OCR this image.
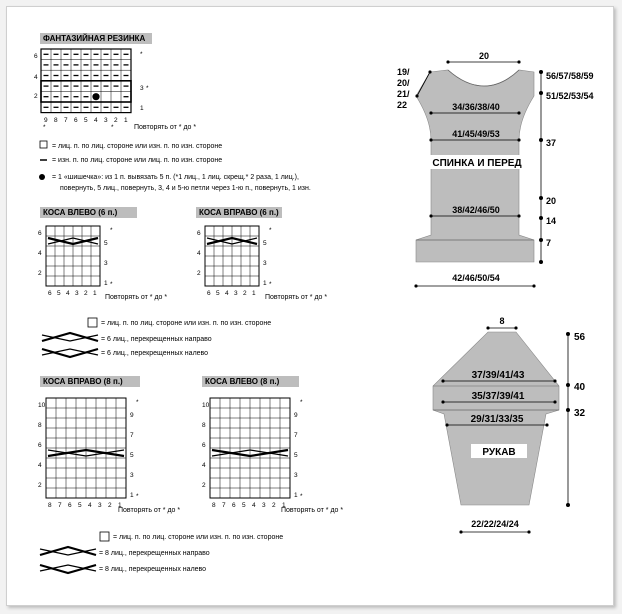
ФАНТАЗИЙНАЯ РЕЗИНКА
6
4
2
3
1
*
*
9 8 7 6 5 4 3 2 1
*	*	Повторять от * до *
= лиц. п. по лиц. стороне или изн. п. по изн. стороне
= изн. п. по лиц. стороне или лиц. п. по изн. стороне
= 1 «шишечка»: из 1 п. вывязать 5 п. (*1 лиц., 1 лиц. скрещ.* 2 раза, 1 лиц.),
повернуть, 5 лиц., повернуть, 3, 4 и 5-ю петли через 1-ю п., повернуть, 1 изн.
КОСА ВЛЕВО (6 п.)	КОСА ВПРАВО (6 п.)
6
4
2
5
3
1
*
*
6 5 4 3 2 1
6
4
2
5
3
1
*
*
6 5 4 3 2 1
Повторять от * до *	Повторять от * до *
= лиц. п. по лиц. стороне или изн. п. по изн. стороне
= 6 лиц., перекрещенных направо
= 6 лиц., перекрещенных налево
КОСА ВПРАВО (8 п.)	КОСА ВЛЕВО (8 п.)
10
8
6
4
2
9
7
5
3
1
*
*
8 7 6 5 4 3 2 1
10
8
6
4
2
9
7
5
3
1
*
*
8 7 6 5 4 3 2 1
Повторять от * до *	Повторять от * до *
= лиц. п. по лиц. стороне или изн. п. по изн. стороне
= 8 лиц., перекрещенных направо
= 8 лиц., перекрещенных налево
СПИНКА И ПЕРЕД
20
34/36/38/40
41/45/49/53
38/42/46/50
42/46/50/54
19/
20/
21/
22
56/57/58/59
51/52/53/54
37
20
14
7
РУКАВ
8
37/39/41/43
35/37/39/41
29/31/33/35
22/22/24/24
56
40
32
